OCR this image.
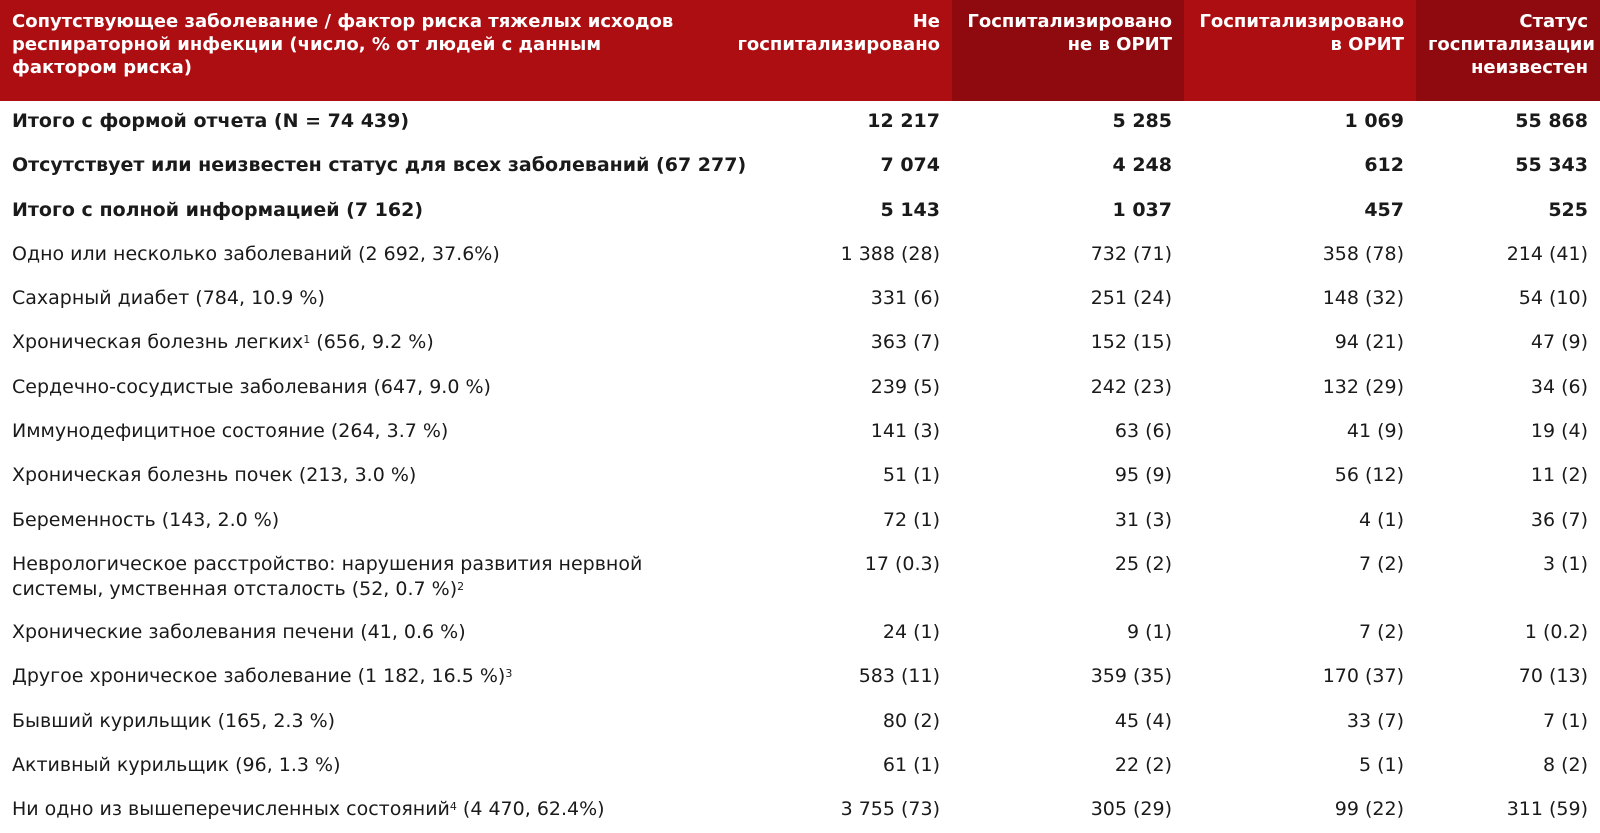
Сопутствующее заболевание / фактор риска тяжелых исходов респираторной инфекции (число, % от людей с данным фактором риска)	Не госпитализировано	Госпитализировано не в ОРИТ	Госпитализировано в ОРИТ	Статус госпитализации неизвестен
Итого с формой отчета (N = 74 439)	12 217	5 285	1 069	55 868
Отсутствует или неизвестен статус для всех заболеваний (67 277)	7 074	4 248	612	55 343
Итого с полной информацией (7 162)	5 143	1 037	457	525
Одно или несколько заболеваний (2 692, 37.6%)	1 388 (28)	732 (71)	358 (78)	214 (41)
Сахарный диабет (784, 10.9 %)	331 (6)	251 (24)	148 (32)	54 (10)
Хроническая болезнь легких$^1$ (656, 9.2 %)	363 (7)	152 (15)	94 (21)	47 (9)
Сердечно-сосудистые заболевания (647, 9.0 %)	239 (5)	242 (23)	132 (29)	34 (6)
Иммунодефицитное состояние (264, 3.7 %)	141 (3)	63 (6)	41 (9)	19 (4)
Хроническая болезнь почек (213, 3.0 %)	51 (1)	95 (9)	56 (12)	11 (2)
Беременность (143, 2.0 %)	72 (1)	31 (3)	4 (1)	36 (7)
Неврологическое расстройство: нарушения развития нервной системы, умственная отсталость (52, 0.7 %)$^2$	17 (0.3)	25 (2)	7 (2)	3 (1)
Хронические заболевания печени (41, 0.6 %)	24 (1)	9 (1)	7 (2)	1 (0.2)
Другое хроническое заболевание (1 182, 16.5 %)$^3$	583 (11)	359 (35)	170 (37)	70 (13)
Бывший курильщик (165, 2.3 %)	80 (2)	45 (4)	33 (7)	7 (1)
Активный курильщик (96, 1.3 %)	61 (1)	22 (2)	5 (1)	8 (2)
Ни одно из вышеперечисленных состояний$^4$ (4 470, 62.4%)	3 755 (73)	305 (29)	99 (22)	311 (59)
